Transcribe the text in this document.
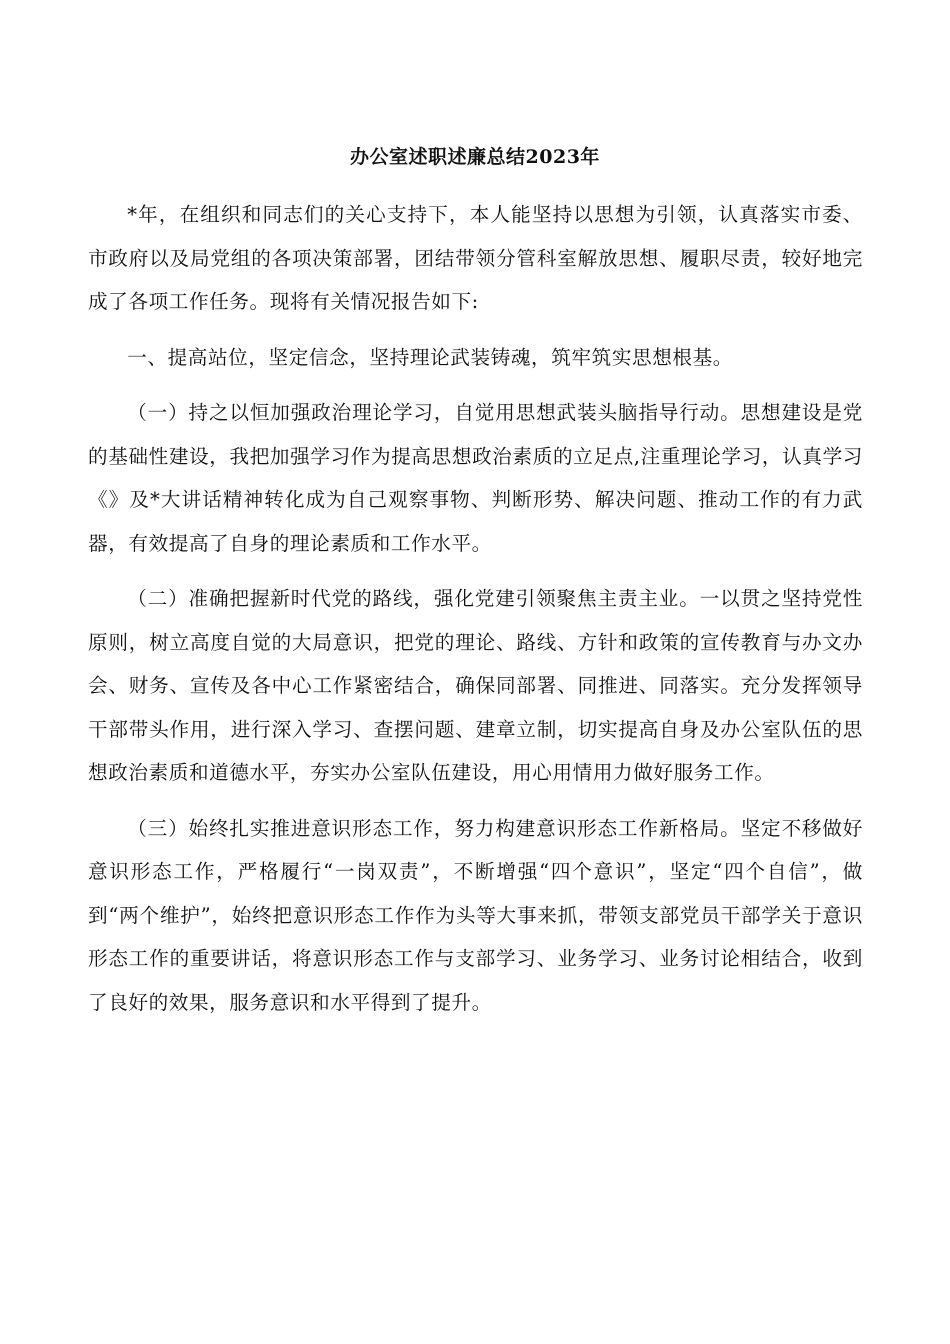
办公室述职述廉总结2023年

*年，在组织和同志们的关心支持下，本人能坚持以思想为引领，认真落实市委、市政府以及局党组的各项决策部署，团结带领分管科室解放思想、履职尽责，较好地完成了各项工作任务。现将有关情况报告如下:

一、提高站位，坚定信念，坚持理论武装铸魂，筑牢筑实思想根基。

（一）持之以恒加强政治理论学习，自觉用思想武装头脑指导行动。思想建设是党的基础性建设，我把加强学习作为提高思想政治素质的立足点,注重理论学习，认真学习《》及*大讲话精神转化成为自己观察事物、判断形势、解决问题、推动工作的有力武器，有效提高了自身的理论素质和工作水平。

（二）准确把握新时代党的路线，强化党建引领聚焦主责主业。一以贯之坚持党性原则，树立高度自觉的大局意识，把党的理论、路线、方针和政策的宣传教育与办文办会、财务、宣传及各中心工作紧密结合，确保同部署、同推进、同落实。充分发挥领导干部带头作用，进行深入学习、查摆问题、建章立制，切实提高自身及办公室队伍的思想政治素质和道德水平，夯实办公室队伍建设，用心用情用力做好服务工作。

（三）始终扎实推进意识形态工作，努力构建意识形态工作新格局。坚定不移做好意识形态工作，严格履行“一岗双责”，不断增强“四个意识”，坚定“四个自信”，做到“两个维护”，始终把意识形态工作作为头等大事来抓，带领支部党员干部学关于意识形态工作的重要讲话，将意识形态工作与支部学习、业务学习、业务讨论相结合，收到了良好的效果，服务意识和水平得到了提升。
